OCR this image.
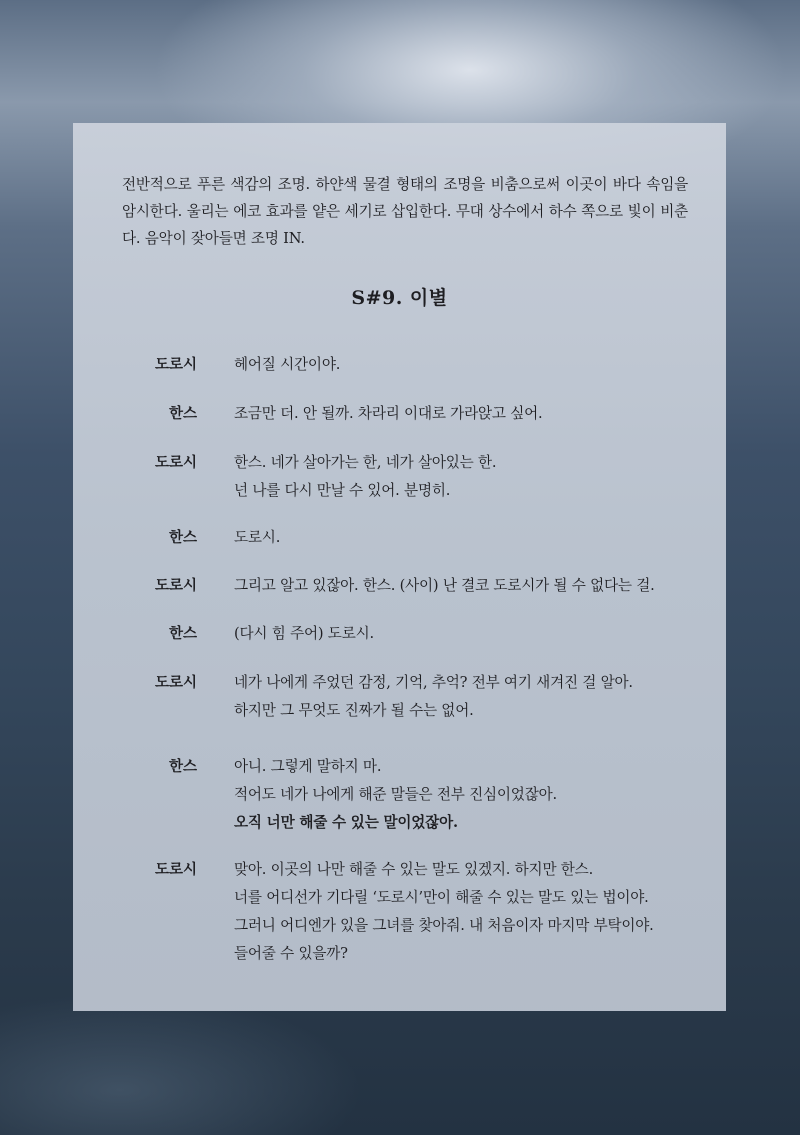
전반적으로 푸른 색감의 조명. 하얀색 물결 형태의 조명을 비춤으로써 이곳이 바다 속임을 암시한다. 울리는 에코 효과를 얕은 세기로 삽입한다. 무대 상수에서 하수 쪽으로 빛이 비춘다. 음악이 잦아들면 조명 IN.

S#9. 이별
도로시	헤어질 시간이야.
한스	조금만 더. 안 될까. 차라리 이대로 가라앉고 싶어.
도로시	한스. 네가 살아가는 한, 네가 살아있는 한.
넌 나를 다시 만날 수 있어. 분명히.
한스	도로시.
도로시	그리고 알고 있잖아. 한스. (사이) 난 결코 도로시가 될 수 없다는 걸.
한스	(다시 힘 주어) 도로시.
도로시	네가 나에게 주었던 감정, 기억, 추억? 전부 여기 새겨진 걸 알아.
하지만 그 무엇도 진짜가 될 수는 없어.
한스	아니. 그렇게 말하지 마.
적어도 네가 나에게 해준 말들은 전부 진심이었잖아.
오직 너만 해줄 수 있는 말이었잖아.
도로시	맞아. 이곳의 나만 해줄 수 있는 말도 있겠지. 하지만 한스.
너를 어디선가 기다릴 ‘도로시’만이 해줄 수 있는 말도 있는 법이야.
그러니 어디엔가 있을 그녀를 찾아줘. 내 처음이자 마지막 부탁이야.
들어줄 수 있을까?
